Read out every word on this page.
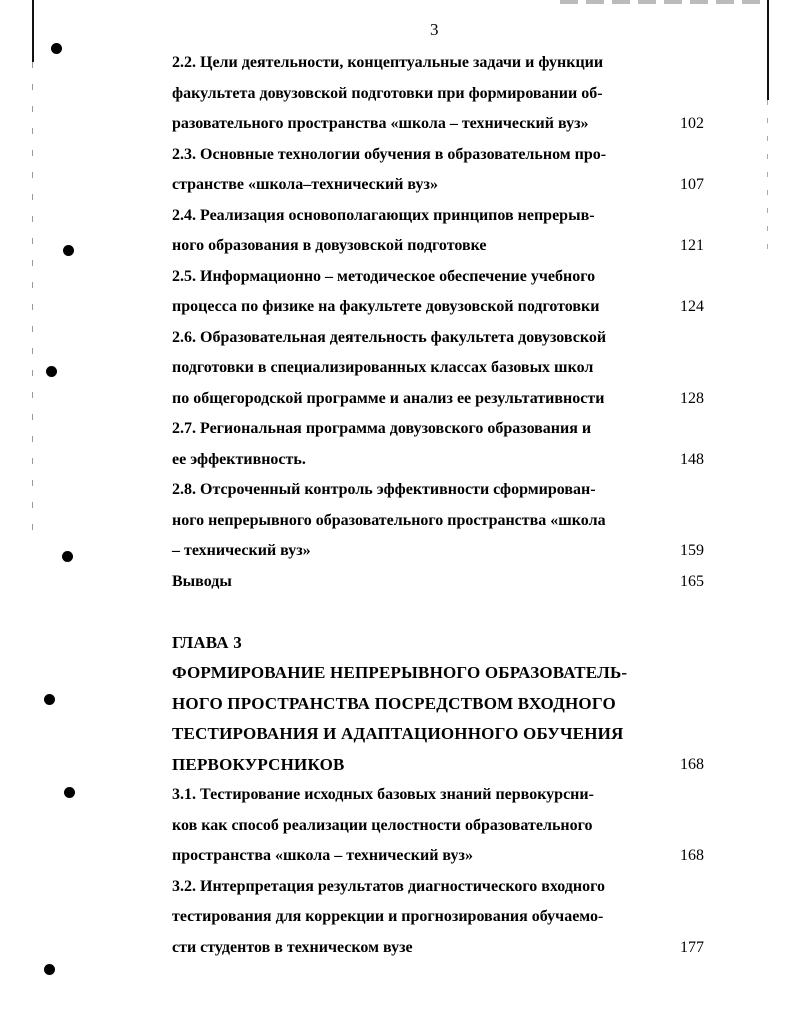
3
2.2. Цели деятельности, концептуальные задачи и функции
факультета довузовской подготовки при формировании об-
разовательного пространства «школа – технический вуз»	102
2.3. Основные технологии обучения в образовательном про-
странстве «школа–технический вуз»	107
2.4. Реализация основополагающих принципов непрерыв-
ного образования в довузовской подготовке	121
2.5. Информационно – методическое обеспечение учебного
процесса по физике на факультете довузовской подготовки	124
2.6. Образовательная деятельность факультета довузовской
подготовки в специализированных классах базовых школ
по общегородской программе и анализ ее результативности	128
2.7. Региональная программа довузовского образования и
ее эффективность.	148
2.8. Отсроченный контроль эффективности сформирован-
ного непрерывного образовательного пространства «школа
– технический вуз»	159
Выводы	165
ГЛАВА 3
ФОРМИРОВАНИЕ НЕПРЕРЫВНОГО ОБРАЗОВАТЕЛЬ-
НОГО ПРОСТРАНСТВА ПОСРЕДСТВОМ ВХОДНОГО
ТЕСТИРОВАНИЯ И АДАПТАЦИОННОГО ОБУЧЕНИЯ
ПЕРВОКУРСНИКОВ	168
3.1. Тестирование исходных базовых знаний первокурсни-
ков как способ реализации целостности образовательного
пространства «школа – технический вуз»	168
3.2. Интерпретация результатов диагностического входного
тестирования для коррекции и прогнозирования обучаемо-
сти студентов в техническом вузе	177
